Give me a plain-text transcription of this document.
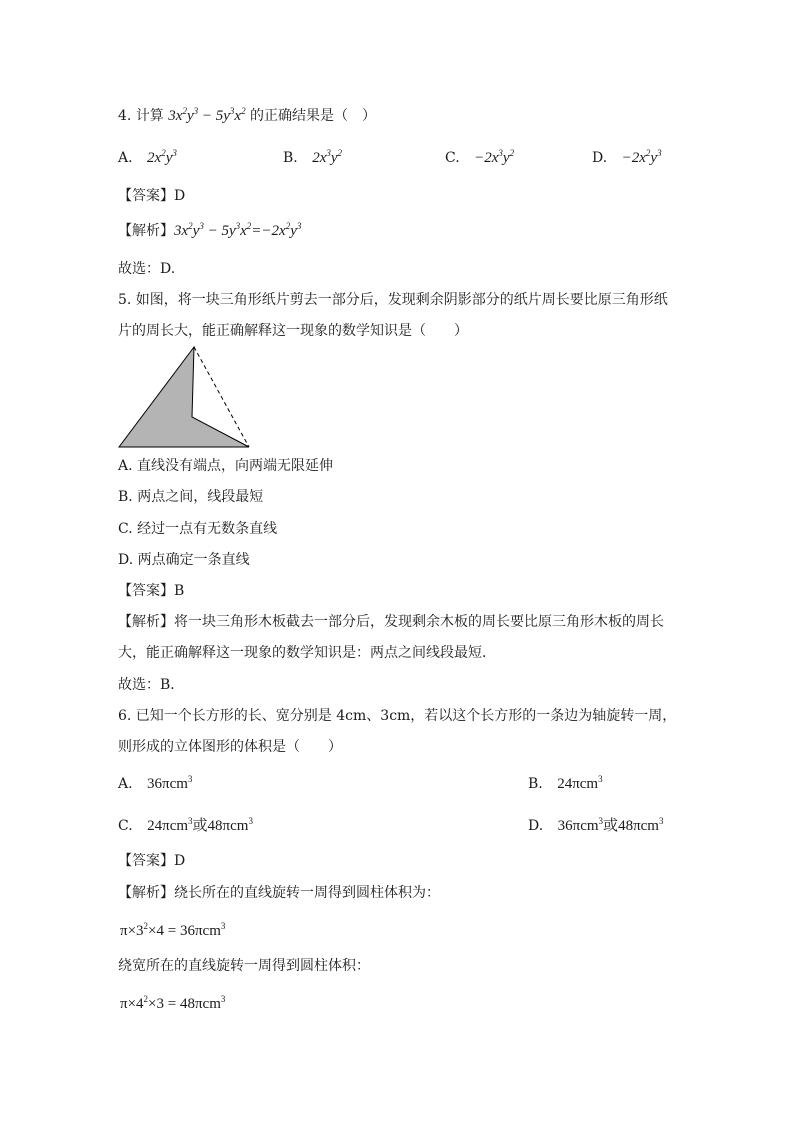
4. 计算 $3x^2y^3 - 5y^3x^2$ 的正确结果是（　）
A. $2x^2y^3$	B. $2x^3y^2$	C. $-2x^3y^2$	D. $-2x^2y^3$
【答案】D
【解析】$3x^2y^3 - 5y^3x^2=-2x^2y^3$
故选：D.
5. 如图，将一块三角形纸片剪去一部分后，发现剩余阴影部分的纸片周长要比原三角形纸
片的周长大，能正确解释这一现象的数学知识是（　　）
A. 直线没有端点，向两端无限延伸
B. 两点之间，线段最短
C. 经过一点有无数条直线
D. 两点确定一条直线
【答案】B
【解析】将一块三角形木板截去一部分后，发现剩余木板的周长要比原三角形木板的周长
大，能正确解释这一现象的数学知识是：两点之间线段最短．
故选：B．
6. 已知一个长方形的长、宽分别是 4cm、3cm，若以这个长方形的一条边为轴旋转一周，
则形成的立体图形的体积是（　　）
A. 36πcm$^3$	B. 24πcm$^3$
C. 24πcm$^3$或48πcm$^3$	D. 36πcm$^3$或48πcm$^3$
【答案】D
【解析】绕长所在的直线旋转一周得到圆柱体积为：
$\pi\times 3^2\times 4 = 36\pi cm^3$
绕宽所在的直线旋转一周得到圆柱体积：
$\pi\times 4^2\times 3 = 48\pi cm^3$
